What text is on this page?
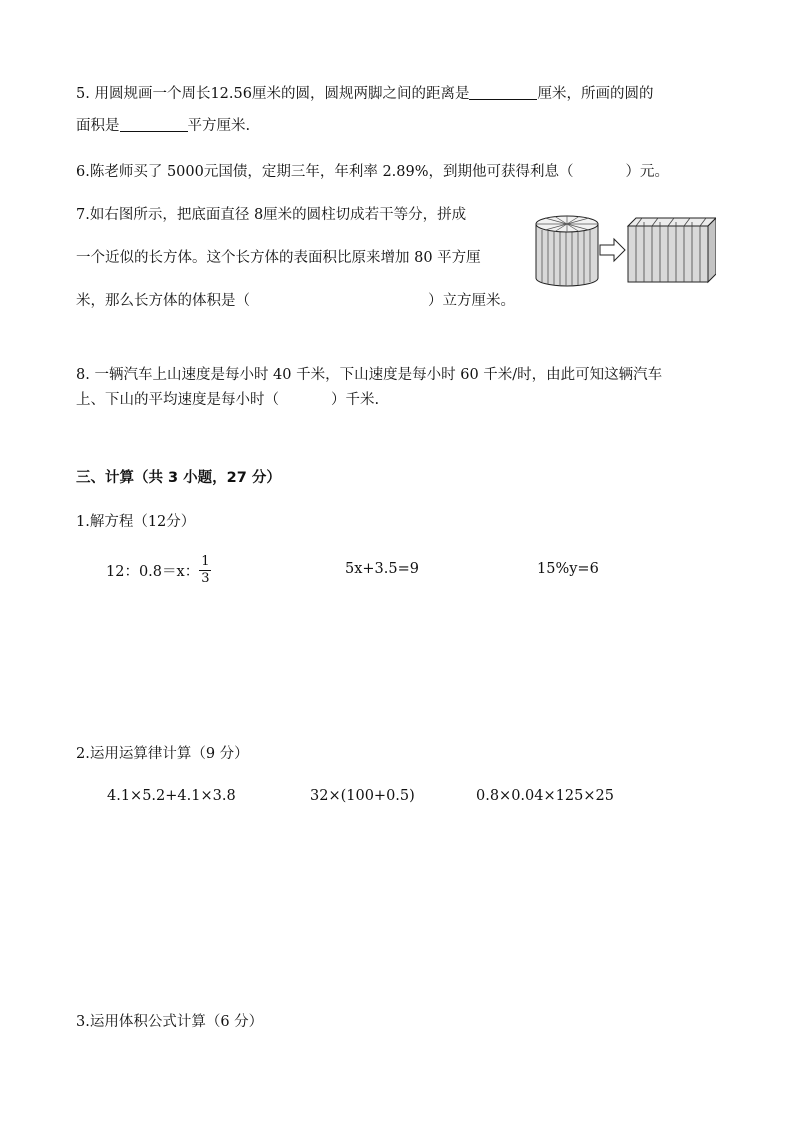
5. 用圆规画一个周长12.56厘米的圆，圆规两脚之间的距离是	厘米，所画的圆的
面积是	平方厘米.
6.陈老师买了 5000元国债，定期三年，年利率 2.89%，到期他可获得利息（	）元。
7.如右图所示，把底面直径 8厘米的圆柱切成若干等分，拼成
一个近似的长方体。这个长方体的表面积比原来增加 80 平方厘
米，那么长方体的体积是（	）立方厘米。
8. 一辆汽车上山速度是每小时 40 千米，下山速度是每小时 60 千米/时，由此可知这辆汽车
上、下山的平均速度是每小时（	）千米.
三、计算（共 3 小题，27 分）
1.解方程（12分）
12：0.8＝x： $\frac{1}{3}$	5x+3.5=9	15%y=6
2.运用运算律计算（9 分）
4.1×5.2+4.1×3.8	32×(100+0.5)	0.8×0.04×125×25
3.运用体积公式计算（6 分）
